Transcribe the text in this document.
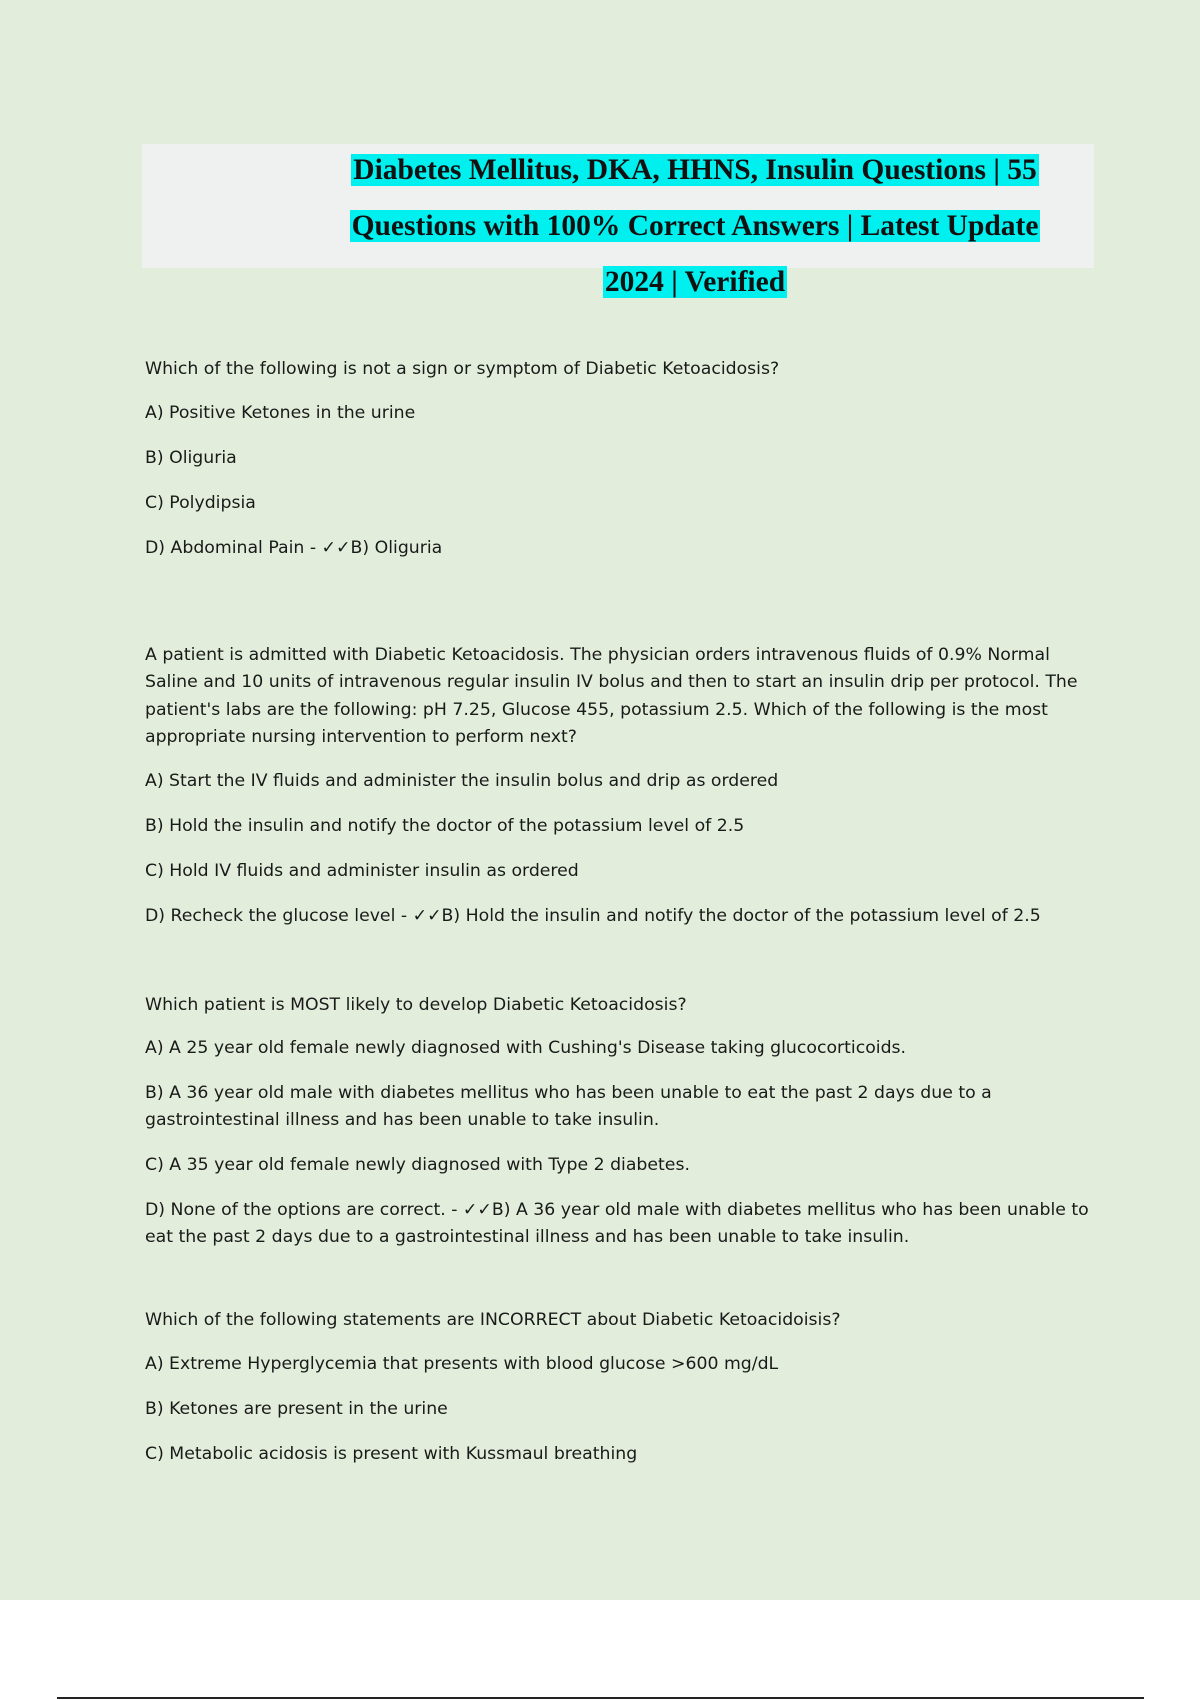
Diabetes Mellitus, DKA, HHNS, Insulin Questions | 55
Questions with 100% Correct Answers | Latest Update
2024 | Verified

Which of the following is not a sign or symptom of Diabetic Ketoacidosis?

A) Positive Ketones in the urine

B) Oliguria

C) Polydipsia

D) Abdominal Pain - ✓✓B) Oliguria

A patient is admitted with Diabetic Ketoacidosis. The physician orders intravenous fluids of 0.9% Normal Saline and 10 units of intravenous regular insulin IV bolus and then to start an insulin drip per protocol. The patient's labs are the following: pH 7.25, Glucose 455, potassium 2.5. Which of the following is the most appropriate nursing intervention to perform next?

A) Start the IV fluids and administer the insulin bolus and drip as ordered

B) Hold the insulin and notify the doctor of the potassium level of 2.5

C) Hold IV fluids and administer insulin as ordered

D) Recheck the glucose level - ✓✓B) Hold the insulin and notify the doctor of the potassium level of 2.5

Which patient is MOST likely to develop Diabetic Ketoacidosis?

A) A 25 year old female newly diagnosed with Cushing's Disease taking glucocorticoids.

B) A 36 year old male with diabetes mellitus who has been unable to eat the past 2 days due to a gastrointestinal illness and has been unable to take insulin.

C) A 35 year old female newly diagnosed with Type 2 diabetes.

D) None of the options are correct. - ✓✓B) A 36 year old male with diabetes mellitus who has been unable to eat the past 2 days due to a gastrointestinal illness and has been unable to take insulin.

Which of the following statements are INCORRECT about Diabetic Ketoacidoisis?

A) Extreme Hyperglycemia that presents with blood glucose >600 mg/dL

B) Ketones are present in the urine

C) Metabolic acidosis is present with Kussmaul breathing
